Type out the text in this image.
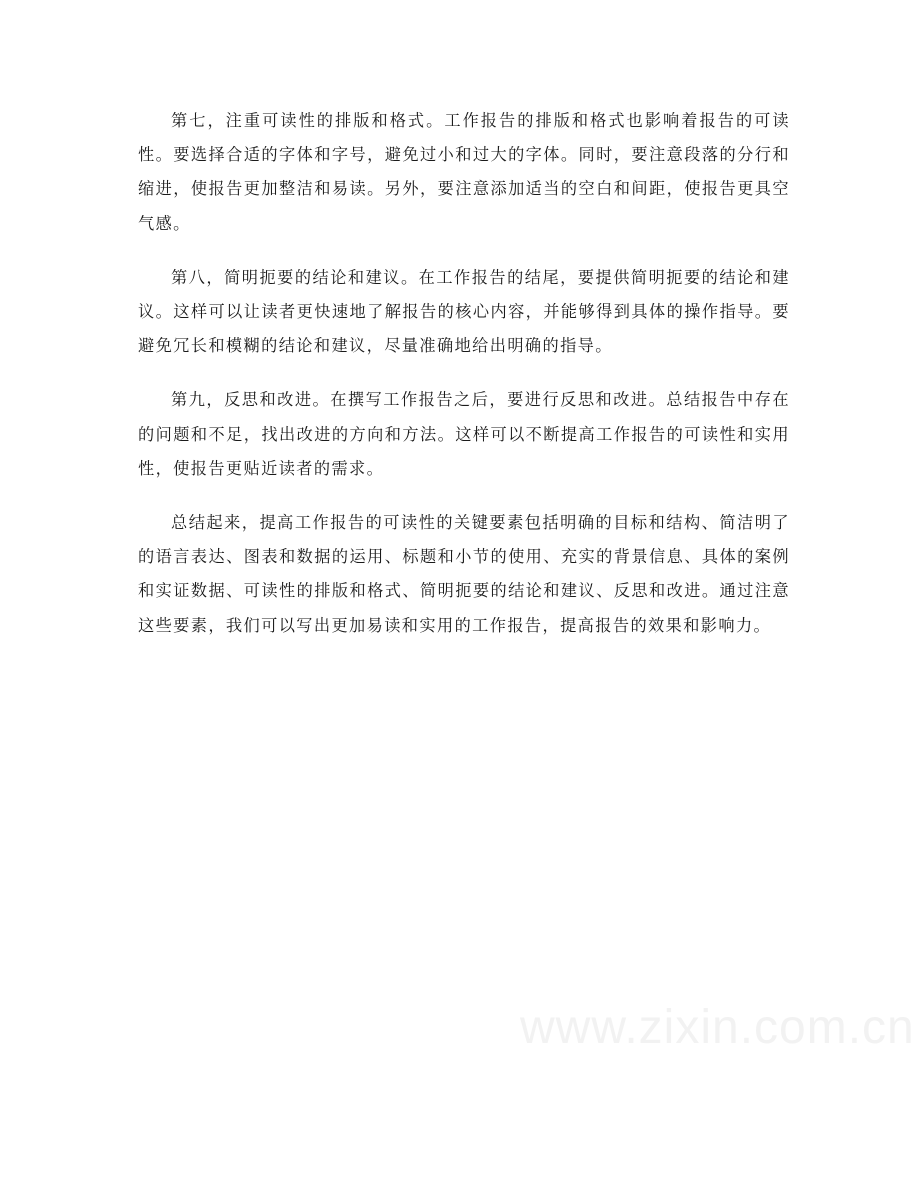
第七，注重可读性的排版和格式。工作报告的排版和格式也影响着报告的可读性。要选择合适的字体和字号，避免过小和过大的字体。同时，要注意段落的分行和缩进，使报告更加整洁和易读。另外，要注意添加适当的空白和间距，使报告更具空气感。

第八，简明扼要的结论和建议。在工作报告的结尾，要提供简明扼要的结论和建议。这样可以让读者更快速地了解报告的核心内容，并能够得到具体的操作指导。要避免冗长和模糊的结论和建议，尽量准确地给出明确的指导。

第九，反思和改进。在撰写工作报告之后，要进行反思和改进。总结报告中存在的问题和不足，找出改进的方向和方法。这样可以不断提高工作报告的可读性和实用性，使报告更贴近读者的需求。

总结起来，提高工作报告的可读性的关键要素包括明确的目标和结构、简洁明了的语言表达、图表和数据的运用、标题和小节的使用、充实的背景信息、具体的案例和实证数据、可读性的排版和格式、简明扼要的结论和建议、反思和改进。通过注意这些要素，我们可以写出更加易读和实用的工作报告，提高报告的效果和影响力。

www.zixin.com.cn
